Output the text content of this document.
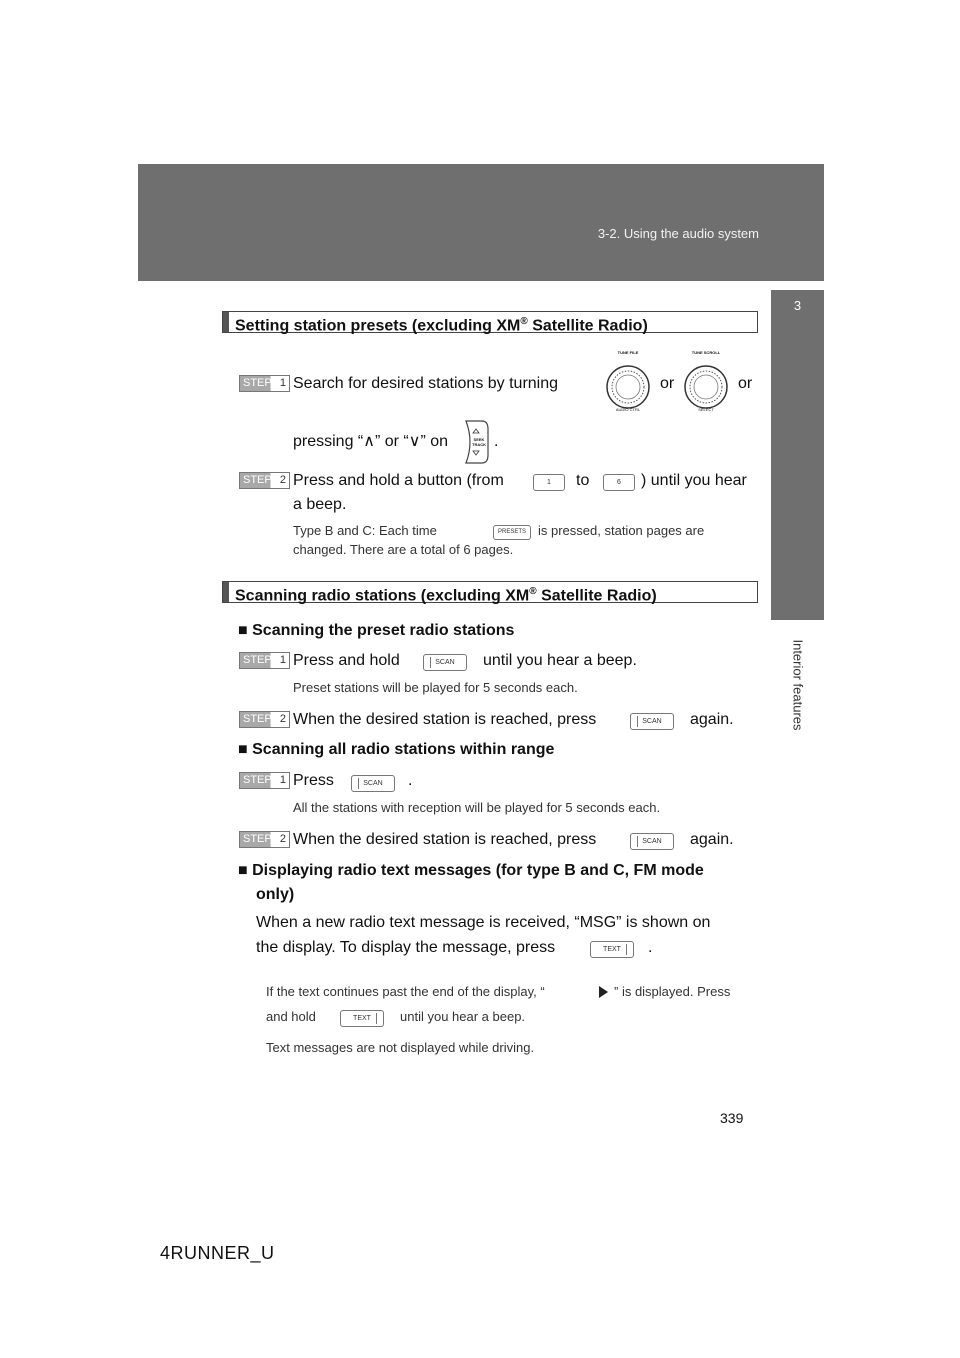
3-2. Using the audio system
3
Interior features
Setting station presets (excluding XM® Satellite Radio)
STEP 1 Search for desired stations by turning
TUNE FILE
AUDIO CTRL
or
TUNE SCROLL
SELECT
or
pressing “∧” or “∨” on	SEEK TRACK .
STEP 2 Press and hold a button (from	1	to	6	) until you hear
a beep.
Type B and C: Each time	PRESETS is pressed, station pages are
changed. There are a total of 6 pages.
Scanning radio stations (excluding XM® Satellite Radio)
■ Scanning the preset radio stations
STEP 1 Press and hold	SCAN	until you hear a beep.
Preset stations will be played for 5 seconds each.
STEP 2 When the desired station is reached, press	SCAN	again.
■ Scanning all radio stations within range
STEP 1 Press	SCAN	.
All the stations with reception will be played for 5 seconds each.
STEP 2 When the desired station is reached, press	SCAN	again.
■ Displaying radio text messages (for type B and C, FM mode
only)
When a new radio text message is received, “MSG” is shown on
the display. To display the message, press	TEXT	.
If the text continues past the end of the display, “	” is displayed. Press
and hold	TEXT	until you hear a beep.
Text messages are not displayed while driving.
339
4RUNNER_U
